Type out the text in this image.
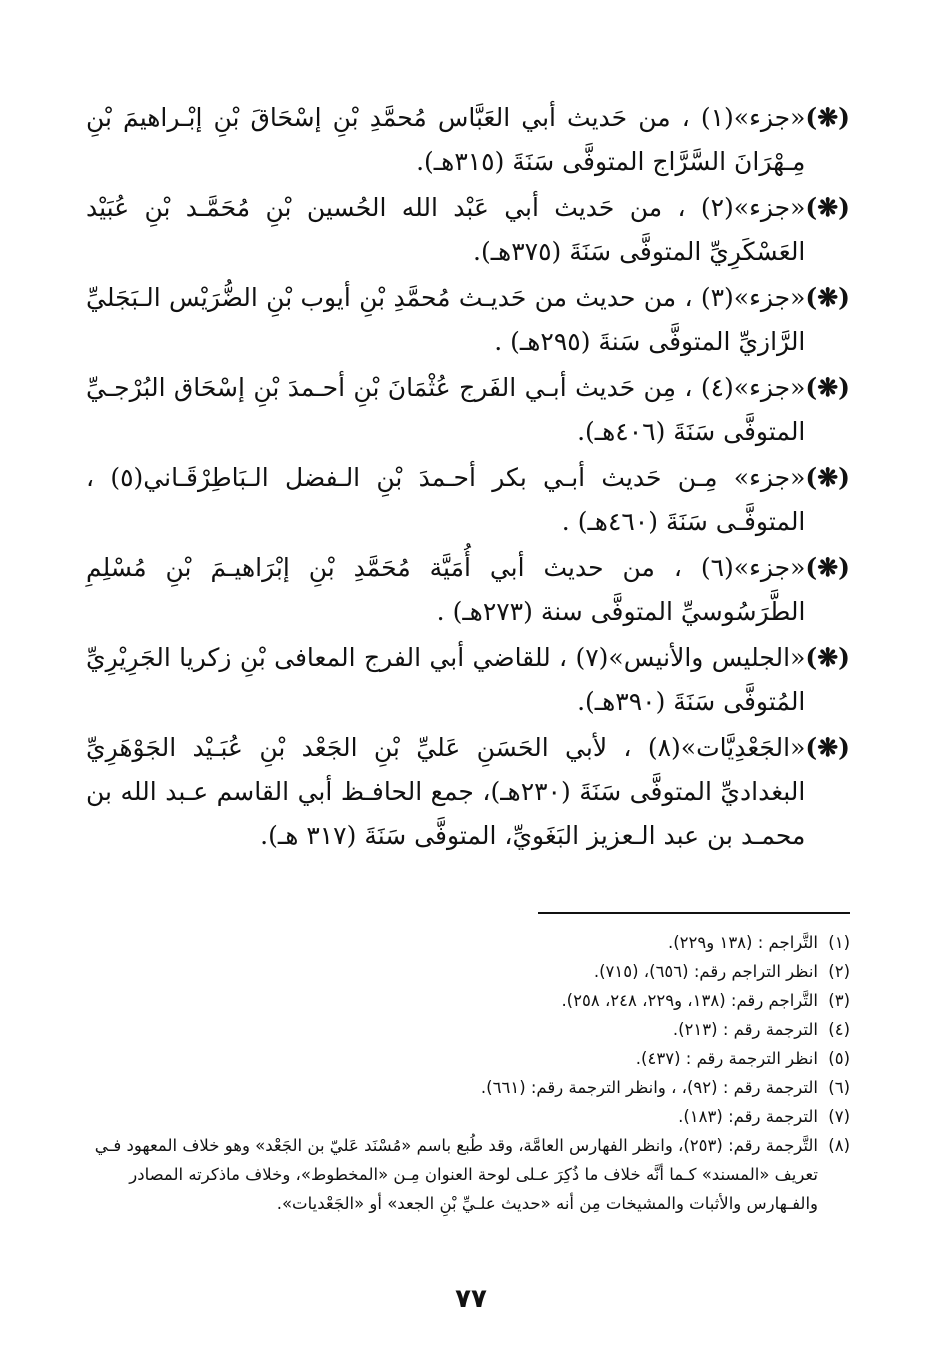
(❋)
«جزء»(١) ، من حَديث أبي العَبَّاس مُحمَّدِ بْنِ إسْحَاقَ بْنِ إبْـراهيمَ بْنِ مِـهْرَانَ السَّرَّاج المتوفَّى سَنَةَ (٣١٥هـ).
(❋)
«جزء»(٢) ، من حَديث أبي عَبْد الله الحُسين بْنِ مُحَمَّـد بْنِ عُبَيْد العَسْكَرِيِّ المتوفَّى سَنَةَ (٣٧٥هـ).
(❋)
«جزء»(٣) ، من حديث من حَديـث مُحمَّدِ بْنِ أيوب بْنِ الضُّرَيْس الـبَجَليِّ الرَّازيِّ المتوفَّى سَنةَ (٢٩٥هـ) .
(❋)
«جزء»(٤) ، مِن حَديث أبـي الفَرج عُثْمَانَ بْنِ أحـمدَ بْنِ إسْحَاق البُرْجـيِّ المتوفَّى سَنَةَ (٤٠٦هـ).
(❋)
«جزء» مِـن حَديث أبـي بكر أحـمدَ بْنِ الـفضل الـبَاطِرْقَـاني(٥) ، المتوفَّـى سَنَةَ (٤٦٠هـ) .
(❋)
«جزء»(٦) ، من حديث أبي أُمَيَّة مُحَمَّدِ بْنِ إبْرَاهيـمَ بْنِ مُسْلِمِ الطَّرَسُوسيِّ المتوفَّى سنة (٢٧٣هـ) .
(❋)
«الجليس والأنيس»(٧) ، للقاضي أبي الفرج المعافى بْنِ زكريا الجَرِيْرِيِّ المُتوفَّى سَنَةَ (٣٩٠هـ).
(❋)
«الجَعْدِيَّات»(٨) ، لأبي الحَسَنِ عَليِّ بْنِ الجَعْد بْنِ عُبَـيْد الجَوْهَرِيِّ البغداديِّ المتوفَّى سَنَةَ (٢٣٠هـ)، جمع الحافـظ أبي القاسم عـبد الله بن محمـد بن عبد الـعزيز البَغَويِّ، المتوفَّى سَنَةَ (٣١٧ هـ).
(١)
التَّراجم : (١٣٨ و٢٢٩).
(٢)
انظر التراجم رقم: (٦٥٦)، (٧١٥).
(٣)
التَّراجم رقم: (١٣٨، و٢٢٩، ٢٤٨، ٢٥٨).
(٤)
الترجمة رقم : (٢١٣).
(٥)
انظر الترجمة رقم : (٤٣٧).
(٦)
الترجمة رقم : (٩٢)، ، وانظر الترجمة رقم: (٦٦١).
(٧)
الترجمة رقم: (١٨٣).
(٨)
التَّرجمة رقم: (٢٥٣)، وانظر الفهارس العامَّة، وقد طُبع باسم «مُسْنَد عَليّ بن الجَعْد» وهو خلاف المعهود فـي تعريف «المسند» كـما أنَّه خلاف ما ذُكِرَ عـلى لوحة العنوان مِـن «المخطوط»، وخلاف ماذكرته المصادر والفـهارس والأثبات والمشيخات مِن أنه «حديث علـيِّ بْنِ الجعد» أو «الجَعْديات».
٧٧
